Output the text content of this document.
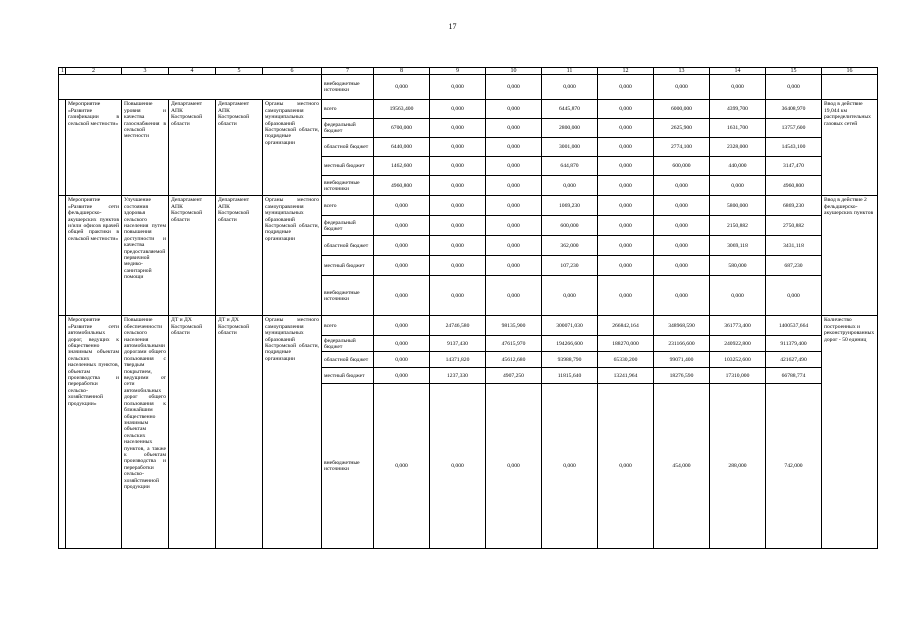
17
1	2	3	4	5	6	7	8	9	10	11	12	13	14	15	16
						внебюджетные источники	0,000	0,000	0,000	0,000	0,000	0,000	0,000	0,000	
	Мероприятие «Развитие газификации в сельской местности»	Повышение уровня и качества газоснабжения в сельской местности	Департамент АПК Костромской области	Департамент АПК Костромской области	Органы местного самоуправления муниципальных образований Костромской области, подрядные организации	всего	19563,400	0,000	0,000	6445,870	0,000	6000,000	4399,700	36408,970	Ввод в действие 19,044 км распределительных газовых сетей
						федеральный бюджет	6700,000	0,000	0,000	2800,000	0,000	2625,900	1631,700	13757,600	
						областной бюджет	6440,000	0,000	0,000	3001,000	0,000	2774,100	2328,000	14543,100	
						местный бюджет	1462,600	0,000	0,000	644,870	0,000	600,000	440,000	3147,470	
						внебюджетные источники	4960,800	0,000	0,000	0,000	0,000	0,000	0,000	4960,800	
	Мероприятие «Развитие сети фельдшерско-акушерских пунктов и/или офисов врачей общей практики в сельской местности»	Улучшение состояния здоровья сельского населения путем повышения доступности и качества предоставляемой первичной медико-санитарной помощи	Департамент АПК Костромской области	Департамент АПК Костромской области	Органы местного самоуправления муниципальных образований Костромской области, подрядные организации	всего	0,000	0,000	0,000	1069,230	0,000	0,000	5800,000	6869,230	Ввод в действие 2 фельдшерско-акушерских пунктов
						федеральный бюджет	0,000	0,000	0,000	600,000	0,000	0,000	2150,882	2750,882	
						областной бюджет	0,000	0,000	0,000	362,000	0,000	0,000	3069,118	3431,118	
						местный бюджет	0,000	0,000	0,000	107,230	0,000	0,000	580,000	687,230	
						внебюджетные источники	0,000	0,000	0,000	0,000	0,000	0,000	0,000	0,000	
	Мероприятие «Развитие сети автомобильных дорог, ведущих к общественно значимым объектам сельских населенных пунктов, объектам производства и переработки сельско-хозяйственной продукции»	Повышение обеспеченности сельского населения автомобильными дорогами общего пользования с твердым покрытием, ведущими от сети автомобильных дорог общего пользования к ближайшим общественно значимым объектам сельских населенных пунктов, а также к объектам производства и переработки сельско-хозяйственной продукции	ДТ и ДХ Костромской области	ДТ и ДХ Костромской области	Органы местного самоуправления муниципальных образований Костромской области, подрядные организации	всего	0,000	24746,580	98135,900	300071,030	266842,164	348968,590	361773,400	1400537,664	Количество построенных и реконструированных дорог - 50 единиц
						федеральный бюджет	0,000	9137,430	47615,970	194266,600	188270,000	231166,600	240922,800	911379,400	
						областной бюджет	0,000	14371,820	45612,680	93988,790	65330,200	99071,400	103252,600	421627,490	
						местный бюджет	0,000	1237,330	4907,250	11815,640	13241,964	18276,590	17310,000	66788,774	
						внебюджетные источники	0,000	0,000	0,000	0,000	0,000	454,000	288,000	742,000	
